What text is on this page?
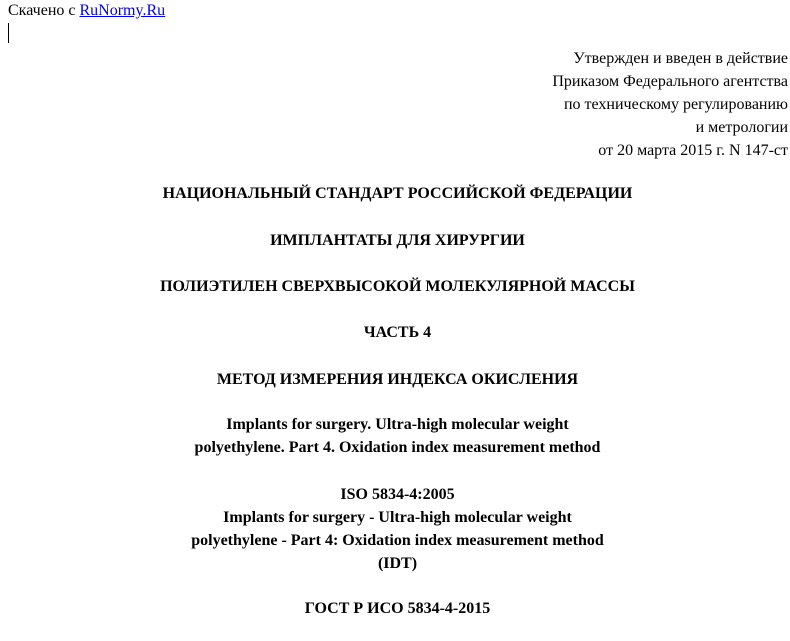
Скачено с RuNormy.Ru
Утвержден и введен в действие
Приказом Федерального агентства
по техническому регулированию
и метрологии
от 20 марта 2015 г. N 147-ст
НАЦИОНАЛЬНЫЙ СТАНДАРТ РОССИЙСКОЙ ФЕДЕРАЦИИ
ИМПЛАНТАТЫ ДЛЯ ХИРУРГИИ
ПОЛИЭТИЛЕН СВЕРХВЫСОКОЙ МОЛЕКУЛЯРНОЙ МАССЫ
ЧАСТЬ 4
МЕТОД ИЗМЕРЕНИЯ ИНДЕКСА ОКИСЛЕНИЯ
Implants for surgery. Ultra-high molecular weight
polyethylene. Part 4. Oxidation index measurement method
ISO 5834-4:2005
Implants for surgery - Ultra-high molecular weight
polyethylene - Part 4: Oxidation index measurement method
(IDT)
ГОСТ Р ИСО 5834-4-2015
